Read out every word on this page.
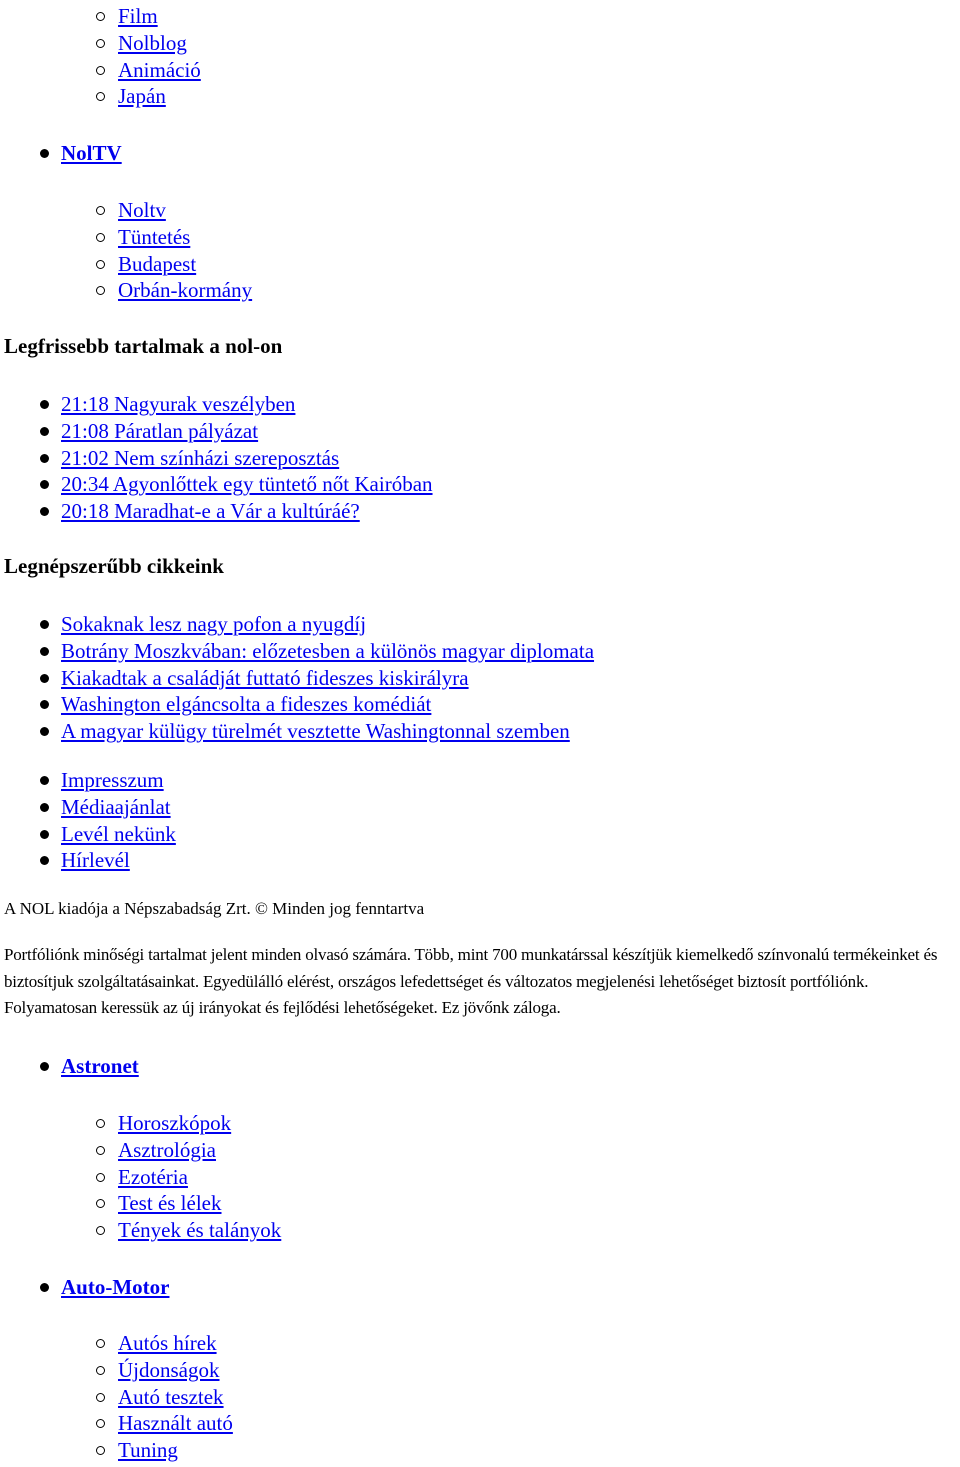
Film
Nolblog
Animáció
Japán
NolTV
Noltv
Tüntetés
Budapest
Orbán-kormány
Legfrissebb tartalmak a nol-on
21:18 Nagyurak veszélyben
21:08 Páratlan pályázat
21:02 Nem színházi szereposztás
20:34 Agyonlőttek egy tüntető nőt Kairóban
20:18 Maradhat-e a Vár a kultúráé?
Legnépszerűbb cikkeink
Sokaknak lesz nagy pofon a nyugdíj
Botrány Moszkvában: előzetesben a különös magyar diplomata
Kiakadtak a családját futtató fideszes kiskirályra
Washington elgáncsolta a fideszes komédiát
A magyar külügy türelmét vesztette Washingtonnal szemben
Impresszum
Médiaajánlat
Levél nekünk
Hírlevél
A NOL kiadója a Népszabadság Zrt. © Minden jog fenntartva
Portfóliónk minőségi tartalmat jelent minden olvasó számára. Több, mint 700 munkatárssal készítjük kiemelkedő színvonalú termékeinket és biztosítjuk szolgáltatásainkat. Egyedülálló elérést, országos lefedettséget és változatos megjelenési lehetőséget biztosít portfóliónk. Folyamatosan keressük az új irányokat és fejlődési lehetőségeket. Ez jövőnk záloga.
Astronet
Horoszkópok
Asztrológia
Ezotéria
Test és lélek
Tények és talányok
Auto-Motor
Autós hírek
Újdonságok
Autó tesztek
Használt autó
Tuning
